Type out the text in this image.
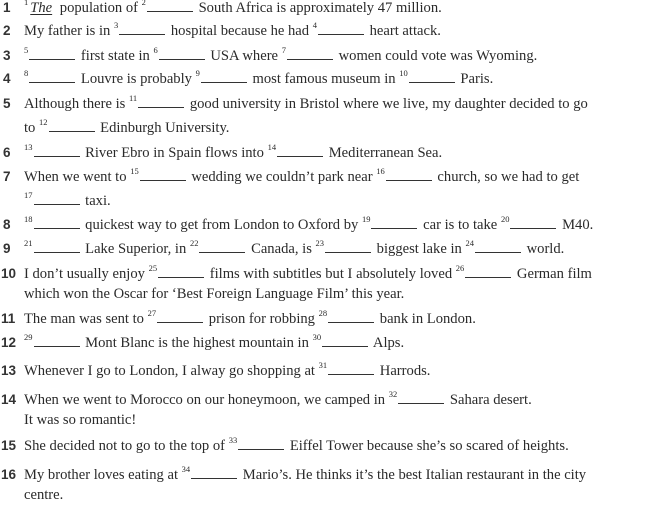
1	$^1$ The population of $^2$	South Africa is approximately 47 million.
2 My father is in $^3$	hospital because he had $^4$	heart attack.
3	$^5$	first state in $^6$	USA where $^7$	women could vote was Wyoming.
4	$^8$	Louvre is probably $^9$	most famous museum in $^{10}$	Paris.
5 Although there is $^{11}$	good university in Bristol where we live, my daughter decided to go
to $^{12}$	Edinburgh University.
6	$^{13}$	River Ebro in Spain flows into $^{14}$	Mediterranean Sea.
7 When we went to $^{15}$	wedding we couldn’t park near $^{16}$	church, so we had to get
$^{17}$	taxi.
8	$^{18}$	quickest way to get from London to Oxford by $^{19}$	car is to take $^{20}$	M40.
9	$^{21}$	Lake Superior, in $^{22}$	Canada, is $^{23}$	biggest lake in $^{24}$	world.
10 I don’t usually enjoy $^{25}$	films with subtitles but I absolutely loved $^{26}$	German film
which won the Oscar for ‘Best Foreign Language Film’ this year.
11 The man was sent to $^{27}$	prison for robbing $^{28}$	bank in London.
12 $^{29}$	Mont Blanc is the highest mountain in $^{30}$	Alps.
13 Whenever I go to London, I alway go shopping at $^{31}$	Harrods.
14 When we went to Morocco on our honeymoon, we camped in $^{32}$	Sahara desert.
It was so romantic!
15 She decided not to go to the top of $^{33}$	Eiffel Tower because she’s so scared of heights.
16 My brother loves eating at $^{34}$	Mario’s. He thinks it’s the best Italian restaurant in the city
centre.
